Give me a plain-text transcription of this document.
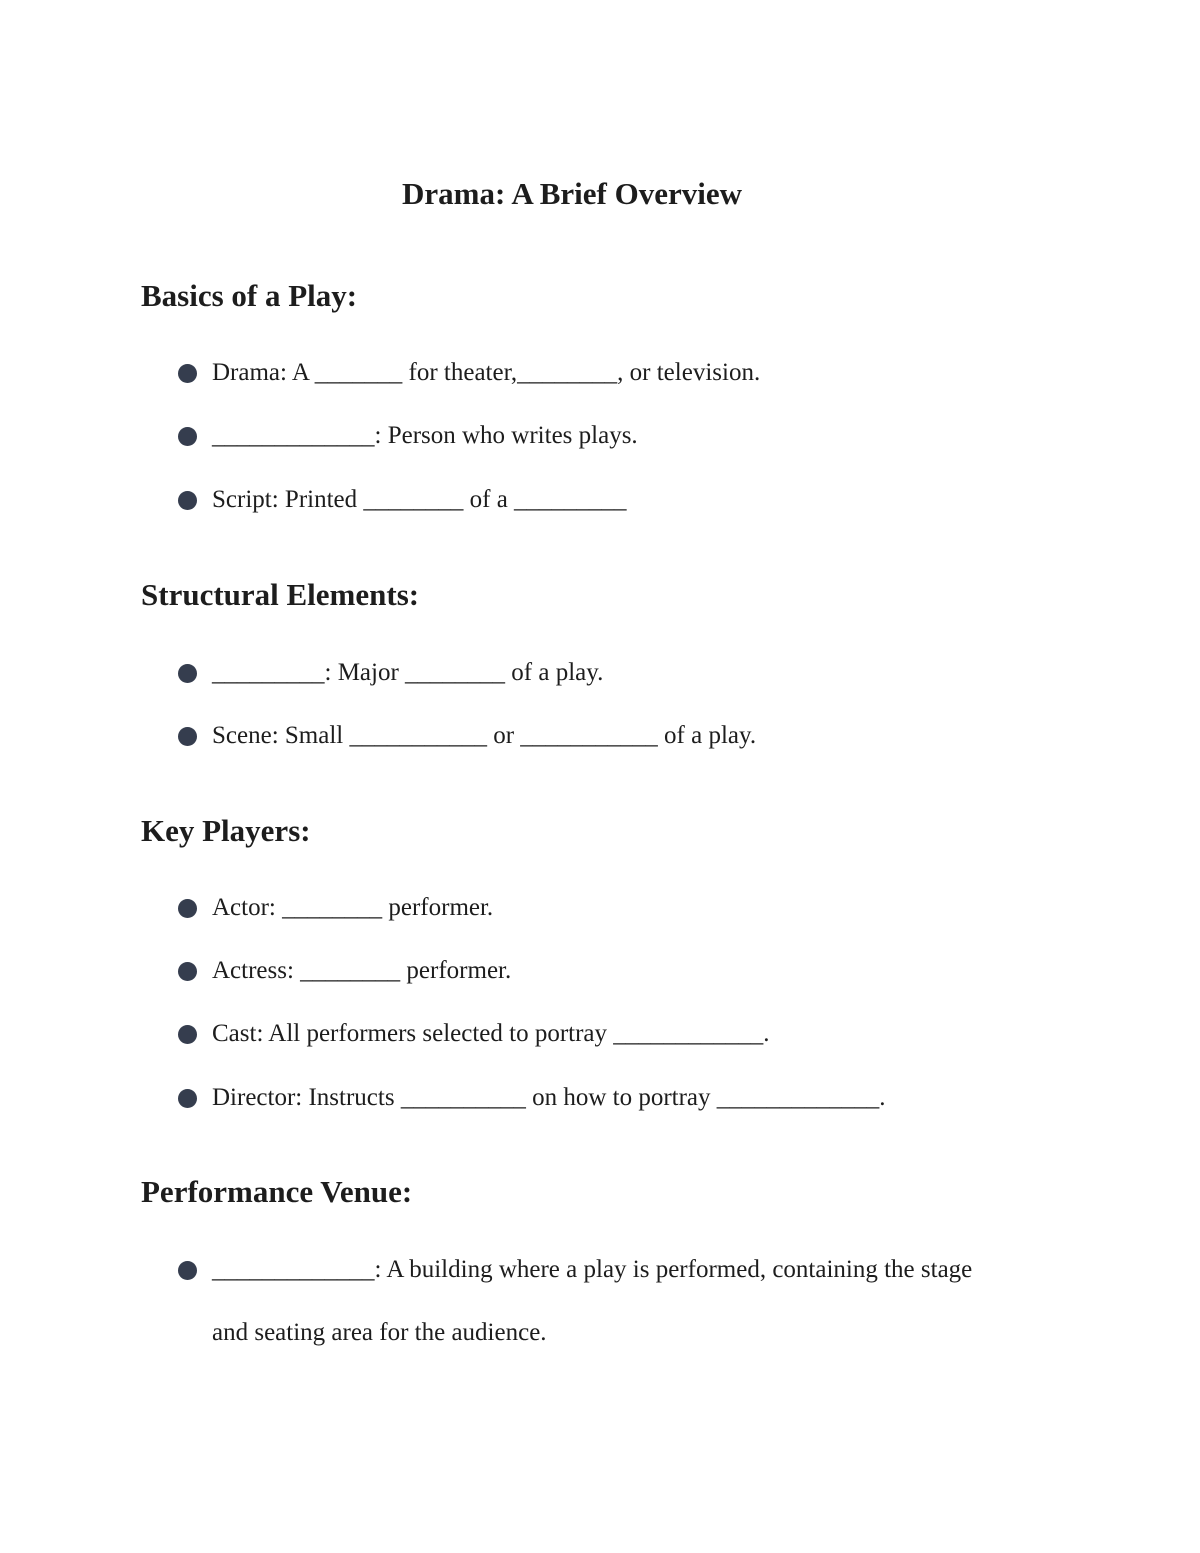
Drama: A Brief Overview
Basics of a Play:
Drama: A _______ for theater,________, or television.
_____________: Person who writes plays.
Script: Printed ________ of a _________
Structural Elements:
_________: Major ________ of a play.
Scene: Small ___________ or ___________ of a play.
Key Players:
Actor: ________ performer.
Actress: ________ performer.
Cast: All performers selected to portray ____________.
Director: Instructs __________ on how to portray _____________.
Performance Venue:
_____________: A building where a play is performed, containing the stage
and seating area for the audience.
